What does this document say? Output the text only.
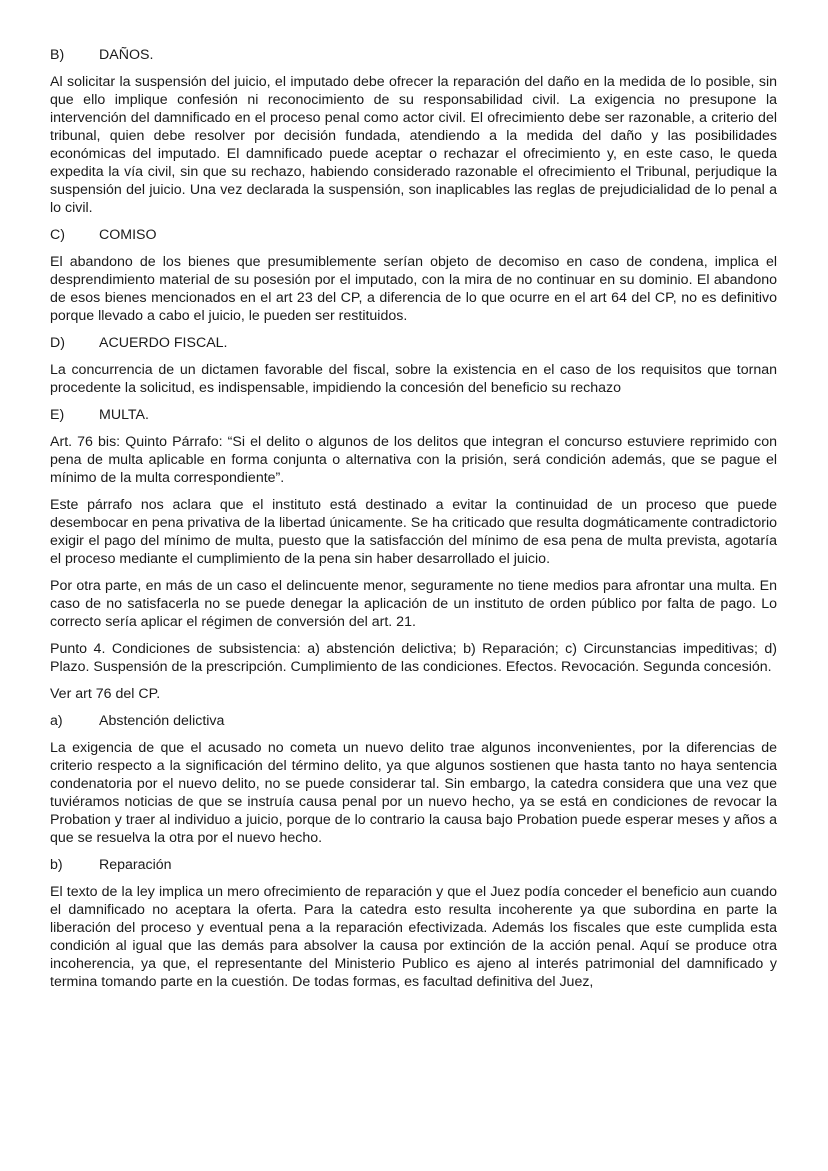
B)	DAÑOS.

Al solicitar la suspensión del juicio, el imputado debe ofrecer la reparación del daño en la medida de lo posible, sin que ello implique confesión ni reconocimiento de su responsabilidad civil. La exigencia no presupone la intervención del damnificado en el proceso penal como actor civil. El ofrecimiento debe ser razonable, a criterio del tribunal, quien debe resolver por decisión fundada, atendiendo a la medida del daño y las posibilidades económicas del imputado. El damnificado puede aceptar o rechazar el ofrecimiento y, en este caso, le queda expedita la vía civil, sin que su rechazo, habiendo considerado razonable el ofrecimiento el Tribunal, perjudique la suspensión del juicio. Una vez declarada la suspensión, son inaplicables las reglas de prejudicialidad de lo penal a lo civil.

C)	COMISO

El abandono de los bienes que presumiblemente serían objeto de decomiso en caso de condena, implica el desprendimiento material de su posesión por el imputado, con la mira de no continuar en su dominio. El abandono de esos bienes mencionados en el art 23 del CP, a diferencia de lo que ocurre en el art 64 del CP, no es definitivo porque llevado a cabo el juicio, le pueden ser restituidos.

D)	ACUERDO FISCAL.

La concurrencia de un dictamen favorable del fiscal, sobre la existencia en el caso de los requisitos que tornan procedente la solicitud, es indispensable, impidiendo la concesión del beneficio su rechazo

E)	MULTA.

Art. 76 bis: Quinto Párrafo: “Si el delito o algunos de los delitos que integran el concurso estuviere reprimido con pena de multa aplicable en forma conjunta o alternativa con la prisión, será condición además, que se pague el mínimo de la multa correspondiente”.

Este párrafo nos aclara que el instituto está destinado a evitar la continuidad de un proceso que puede desembocar en pena privativa de la libertad únicamente. Se ha criticado que resulta dogmáticamente contradictorio exigir el pago del mínimo de multa, puesto que la satisfacción del mínimo de esa pena de multa prevista, agotaría el proceso mediante el cumplimiento de la pena sin haber desarrollado el juicio.

Por otra parte, en más de un caso el delincuente menor, seguramente no tiene medios para afrontar una multa. En caso de no satisfacerla no se puede denegar la aplicación de un instituto de orden público por falta de pago. Lo correcto sería aplicar el régimen de conversión del art. 21.

Punto 4. Condiciones de subsistencia: a) abstención delictiva; b) Reparación; c) Circunstancias impeditivas; d) Plazo. Suspensión de la prescripción. Cumplimiento de las condiciones. Efectos. Revocación. Segunda concesión.

Ver art 76 del CP.

a)	Abstención delictiva

La exigencia de que el acusado no cometa un nuevo delito trae algunos inconvenientes, por la diferencias de criterio respecto a la significación del término delito, ya que algunos sostienen que hasta tanto no haya sentencia condenatoria por el nuevo delito, no se puede considerar tal. Sin embargo, la catedra considera que una vez que tuviéramos noticias de que se instruía causa penal por un nuevo hecho, ya se está en condiciones de revocar la Probation y traer al individuo a juicio, porque de lo contrario la causa bajo Probation puede esperar meses y años a que se resuelva la otra por el nuevo hecho.

b)	Reparación

El texto de la ley implica un mero ofrecimiento de reparación y que el Juez podía conceder el beneficio aun cuando el damnificado no aceptara la oferta. Para la catedra esto resulta incoherente ya que subordina en parte la liberación del proceso y eventual pena a la reparación efectivizada. Además los fiscales que este cumplida esta condición al igual que las demás para absolver la causa por extinción de la acción penal. Aquí se produce otra incoherencia, ya que, el representante del Ministerio Publico es ajeno al interés patrimonial del damnificado y termina tomando parte en la cuestión. De todas formas, es facultad definitiva del Juez,
